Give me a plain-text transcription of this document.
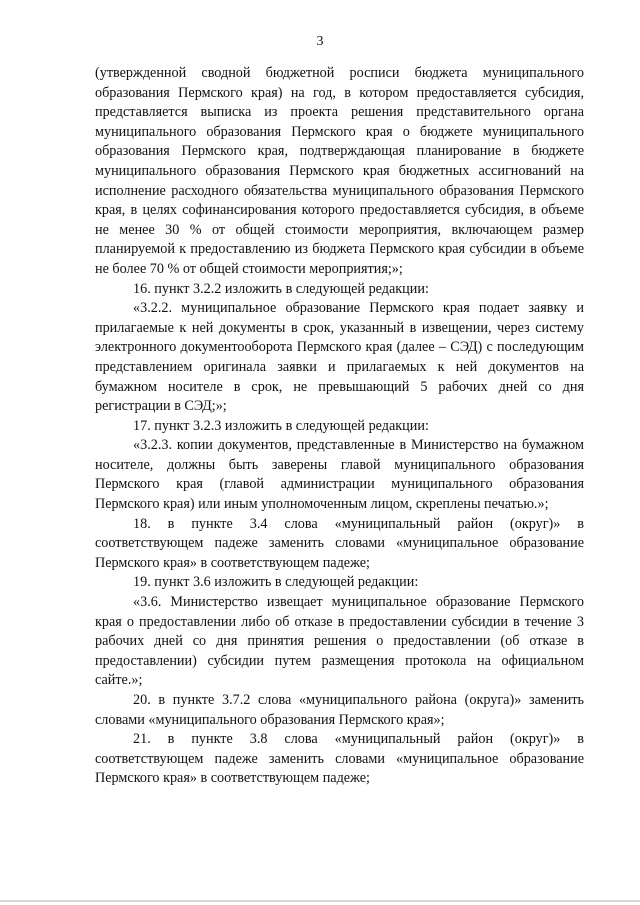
3

(утвержденной сводной бюджетной росписи бюджета муниципального образования Пермского края) на год, в котором предоставляется субсидия, представляется выписка из проекта решения представительного органа муниципального образования Пермского края о бюджете муниципального образования Пермского края, подтверждающая планирование в бюджете муниципального образования Пермского края бюджетных ассигнований на исполнение расходного обязательства муниципального образования Пермского края, в целях софинансирования которого предоставляется субсидия, в объеме не менее 30 % от общей стоимости мероприятия, включающем размер планируемой к предоставлению из бюджета Пермского края субсидии в объеме не более 70 % от общей стоимости мероприятия;»;

16. пункт 3.2.2 изложить в следующей редакции:

«3.2.2. муниципальное образование Пермского края подает заявку и прилагаемые к ней документы в срок, указанный в извещении, через систему электронного документооборота Пермского края (далее – СЭД) с последующим представлением оригинала заявки и прилагаемых к ней документов на бумажном носителе в срок, не превышающий 5 рабочих дней со дня регистрации в СЭД;»;

17. пункт 3.2.3 изложить в следующей редакции:

«3.2.3. копии документов, представленные в Министерство на бумажном носителе, должны быть заверены главой муниципального образования Пермского края (главой администрации муниципального образования Пермского края) или иным уполномоченным лицом, скреплены печатью.»;

18. в пункте 3.4 слова «муниципальный район (округ)» в соответствующем падеже заменить словами «муниципальное образование Пермского края» в соответствующем падеже;

19. пункт 3.6 изложить в следующей редакции:

«3.6. Министерство извещает муниципальное образование Пермского края о предоставлении либо об отказе в предоставлении субсидии в течение 3 рабочих дней со дня принятия решения о предоставлении (об отказе в предоставлении) субсидии путем размещения протокола на официальном сайте.»;

20. в пункте 3.7.2 слова «муниципального района (округа)» заменить словами «муниципального образования Пермского края»;

21. в пункте 3.8 слова «муниципальный район (округ)» в соответствующем падеже заменить словами «муниципальное образование Пермского края» в соответствующем падеже;
